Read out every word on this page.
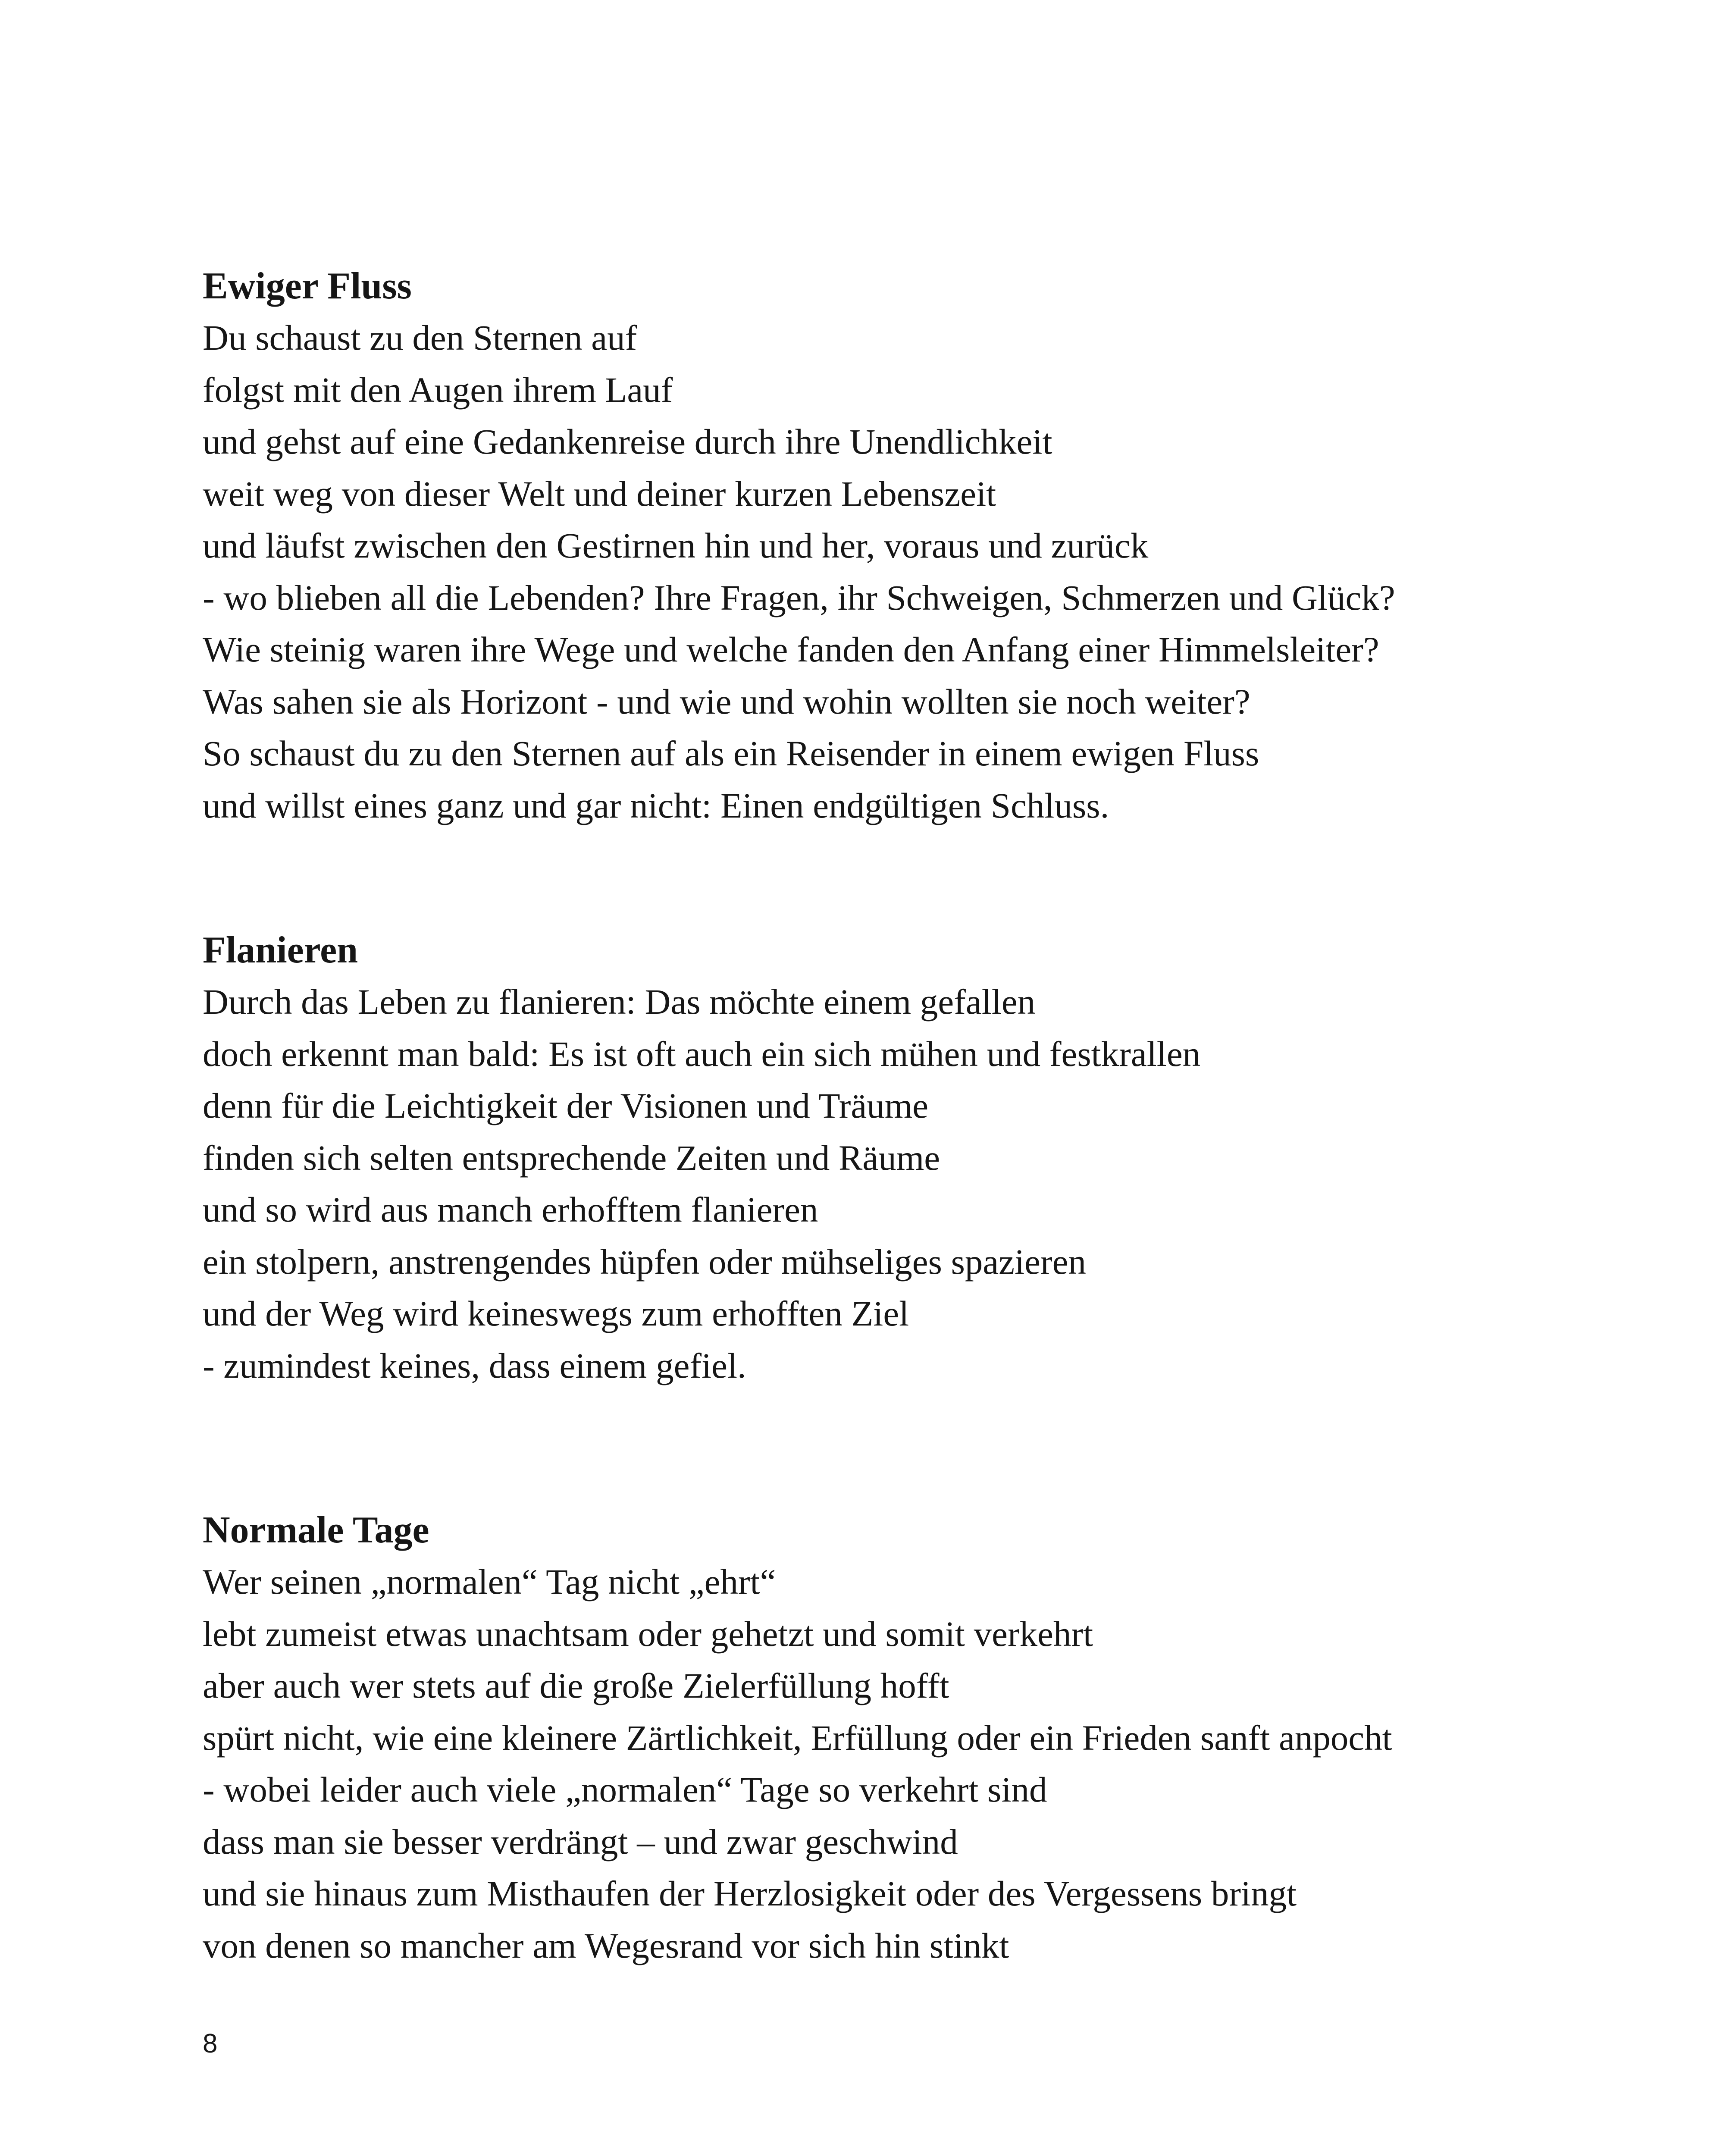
Ewiger Fluss
Du schaust zu den Sternen auf
folgst mit den Augen ihrem Lauf
und gehst auf eine Gedankenreise durch ihre Unendlichkeit
weit weg von dieser Welt und deiner kurzen Lebenszeit
und läufst zwischen den Gestirnen hin und her, voraus und zurück
- wo blieben all die Lebenden? Ihre Fragen, ihr Schweigen, Schmerzen und Glück?
Wie steinig waren ihre Wege und welche fanden den Anfang einer Himmelsleiter?
Was sahen sie als Horizont - und wie und wohin wollten sie noch weiter?
So schaust du zu den Sternen auf als ein Reisender in einem ewigen Fluss
und willst eines ganz und gar nicht: Einen endgültigen Schluss.
Flanieren
Durch das Leben zu flanieren: Das möchte einem gefallen
doch erkennt man bald: Es ist oft auch ein sich mühen und festkrallen
denn für die Leichtigkeit der Visionen und Träume
finden sich selten entsprechende Zeiten und Räume
und so wird aus manch erhofftem flanieren
ein stolpern, anstrengendes hüpfen oder mühseliges spazieren
und der Weg wird keineswegs zum erhofften Ziel
- zumindest keines, dass einem gefiel.
Normale Tage
Wer seinen „normalen“ Tag nicht „ehrt“
lebt zumeist etwas unachtsam oder gehetzt und somit verkehrt
aber auch wer stets auf die große Zielerfüllung hofft
spürt nicht, wie eine kleinere Zärtlichkeit, Erfüllung oder ein Frieden sanft anpocht
- wobei leider auch viele „normalen“ Tage so verkehrt sind
dass man sie besser verdrängt – und zwar geschwind
und sie hinaus zum Misthaufen der Herzlosigkeit oder des Vergessens bringt
von denen so mancher am Wegesrand vor sich hin stinkt
8
